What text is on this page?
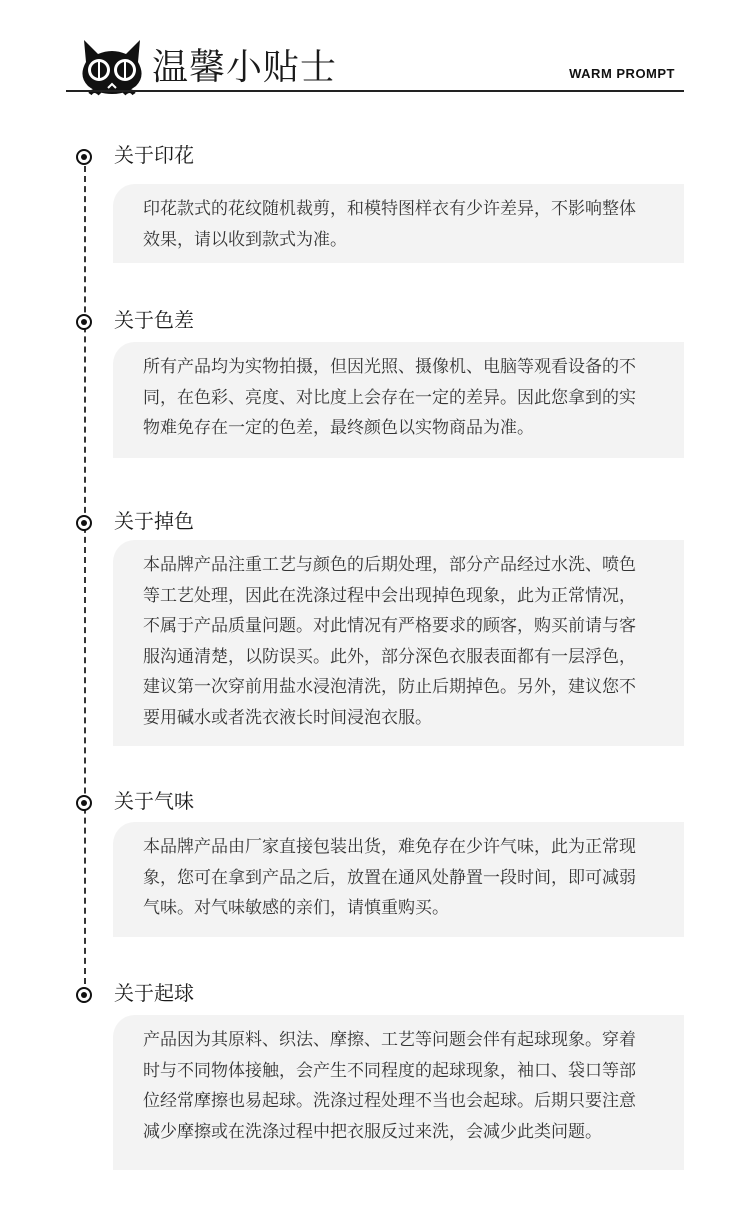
温馨小贴士	WARM PROMPT
关于印花

印花款式的花纹随机裁剪，和模特图样衣有少许差异，不影响整体

效果，请以收到款式为准。

关于色差

所有产品均为实物拍摄，但因光照、摄像机、电脑等观看设备的不

同，在色彩、亮度、对比度上会存在一定的差异。因此您拿到的实

物难免存在一定的色差，最终颜色以实物商品为准。

关于掉色

本品牌产品注重工艺与颜色的后期处理，部分产品经过水洗、喷色

等工艺处理，因此在洗涤过程中会出现掉色现象，此为正常情况，

不属于产品质量问题。对此情况有严格要求的顾客，购买前请与客

服沟通清楚，以防误买。此外，部分深色衣服表面都有一层浮色，

建议第一次穿前用盐水浸泡清洗，防止后期掉色。另外，建议您不

要用碱水或者洗衣液长时间浸泡衣服。

关于气味

本品牌产品由厂家直接包装出货，难免存在少许气味，此为正常现

象，您可在拿到产品之后，放置在通风处静置一段时间，即可减弱

气味。对气味敏感的亲们，请慎重购买。

关于起球

产品因为其原料、织法、摩擦、工艺等问题会伴有起球现象。穿着

时与不同物体接触，会产生不同程度的起球现象，袖口、袋口等部

位经常摩擦也易起球。洗涤过程处理不当也会起球。后期只要注意

减少摩擦或在洗涤过程中把衣服反过来洗，会减少此类问题。
